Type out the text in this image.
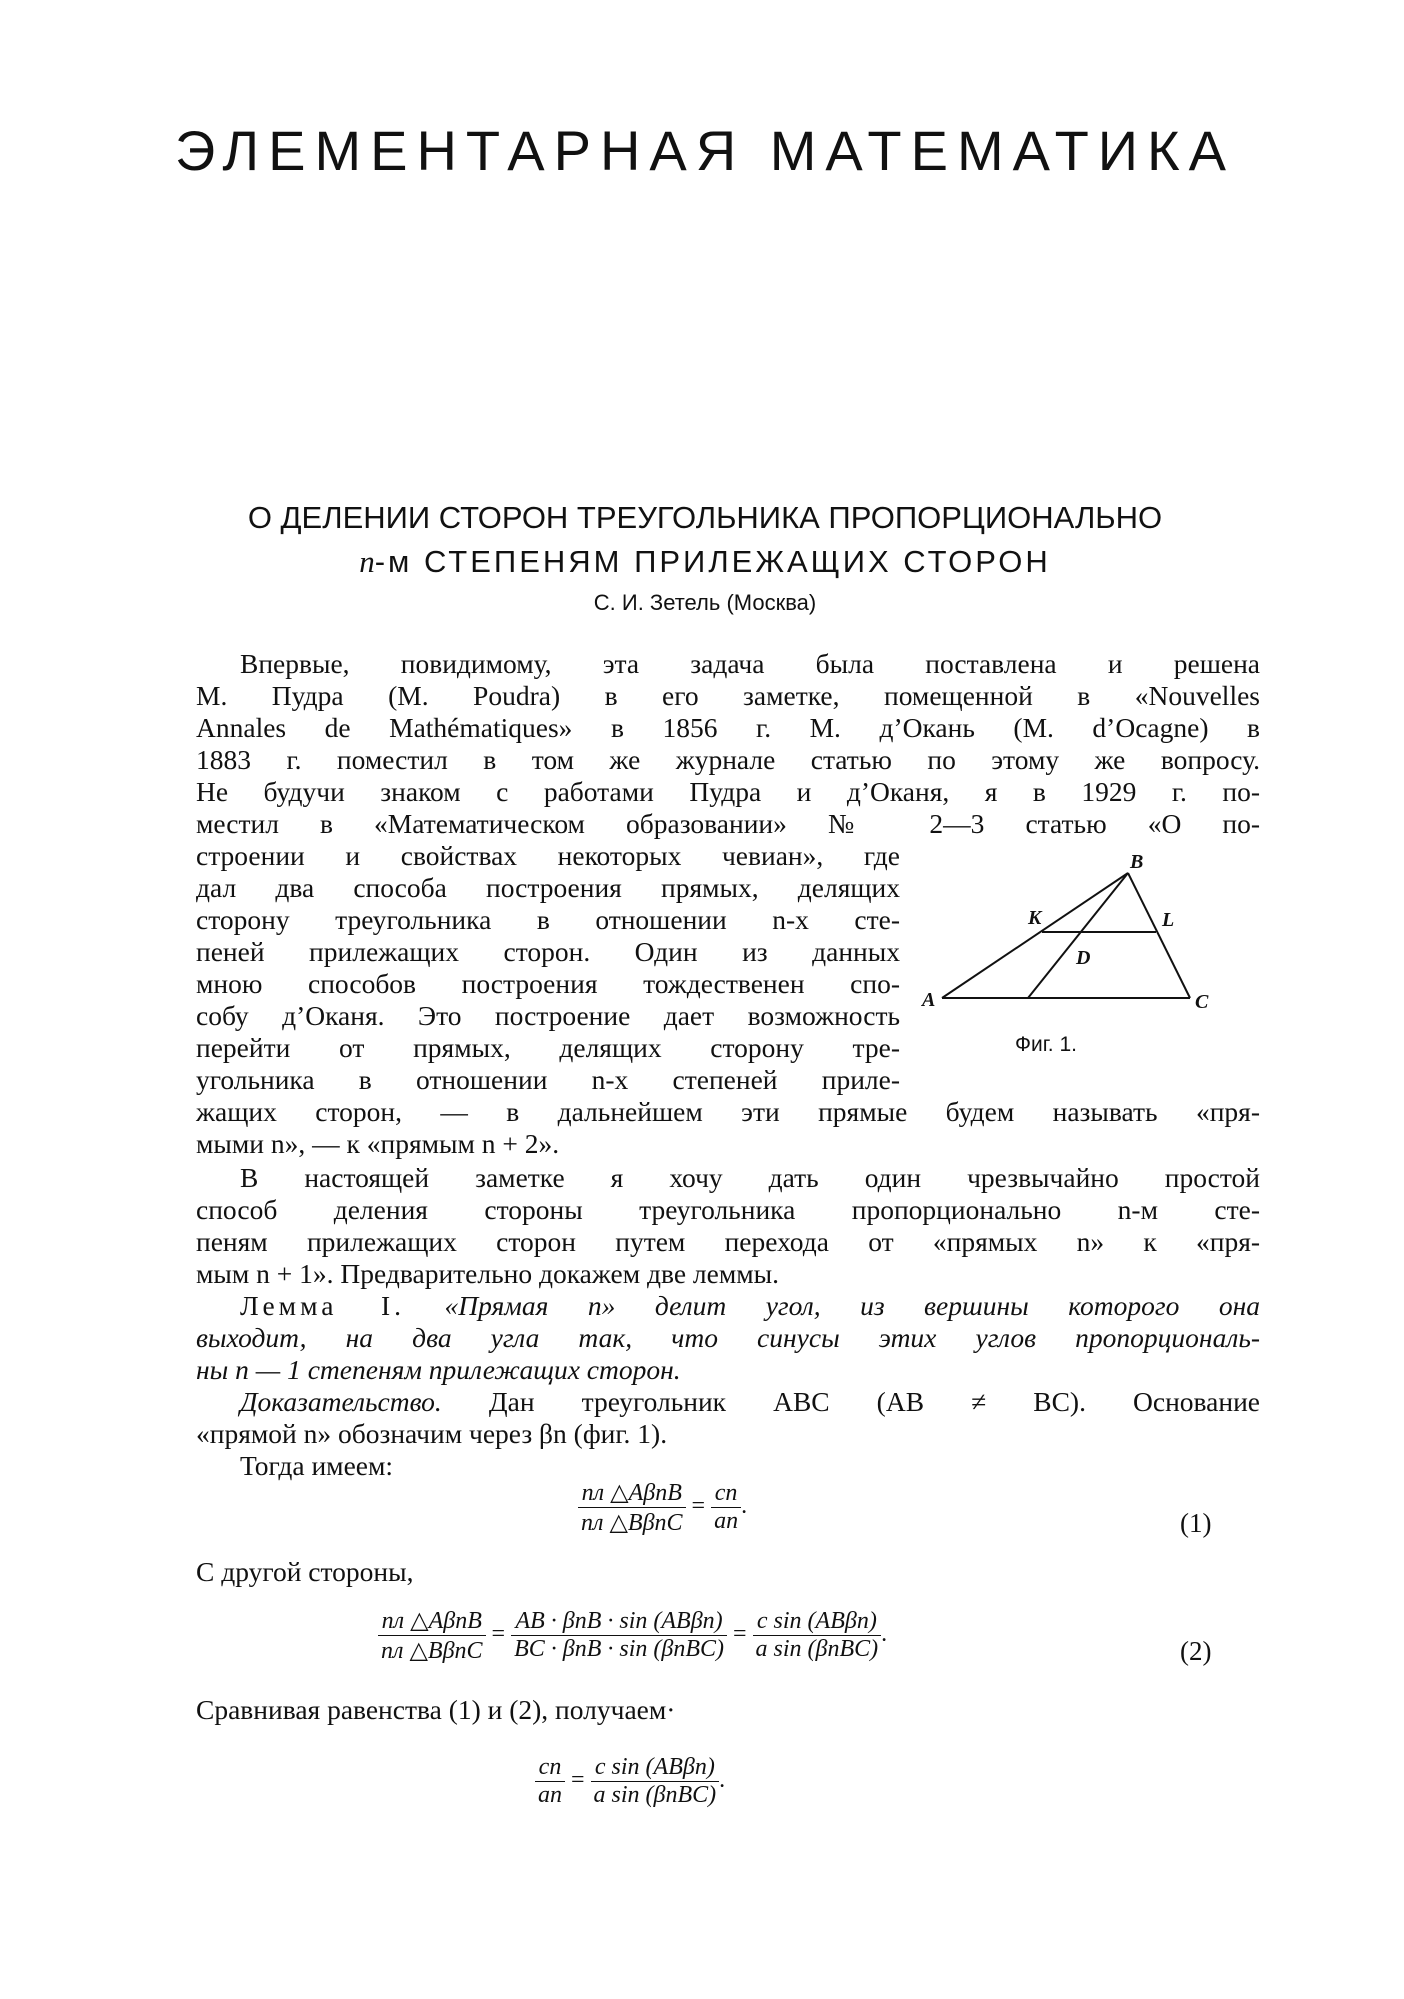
ЭЛЕМЕНТАРНАЯ МАТЕМАТИКА
О ДЕЛЕНИИ СТОРОН ТРЕУГОЛЬНИКА ПРОПОРЦИОНАЛЬНО
n-м СТЕПЕНЯМ ПРИЛЕЖАЩИХ СТОРОН
С. И. Зетель (Москва)
Впервые, повидимому, эта задача была поставлена и решена
М. Пудра (M. Poudra) в его заметке, помещенной в «Nouvelles
Annales de Mathématiques» в 1856 г. М. д’Окань (M. d’Ocagne) в
1883 г. поместил в том же журнале статью по этому же вопросу.
Не будучи знаком с работами Пудра и д’Оканя, я в 1929 г. по-
местил в «Математическом образовании» № 2—3 статью «О по-
строении и свойствах некоторых чевиан», где
дал два способа построения прямых, делящих
сторону треугольника в отношении n-х сте-
пеней прилежащих сторон. Один из данных
мною способов построения тождественен спо-
собу д’Оканя. Это построение дает возможность
перейти от прямых, делящих сторону тре-
угольника в отношении n-х степеней приле-
жащих сторон, — в дальнейшем эти прямые будем называть «пря-
мыми n», — к «прямым n + 2».
A
B
C
K	L
D
Фиг. 1.
В настоящей заметке я хочу дать один чрезвычайно простой
способ деления стороны треугольника пропорционально n-м сте-
пеням прилежащих сторон путем перехода от «прямых n» к «пря-
мым n + 1». Предварительно докажем две леммы.
Лемма I. «Прямая n» делит угол, из вершины которого она
выходит, на два угла так, что синусы этих углов пропорциональ-
ны n — 1 степеням прилежащих сторон.
Доказательство. Дан треугольник ABC (AB ≠ BC). Основание
«прямой n» обозначим через βn (фиг. 1).
Тогда имеем:
$\frac{\text{пл △AβnB}}{\text{пл △BβnC}} = \frac{cn}{an}$ .
(1)
С другой стороны,
$\frac{\text{пл △AβnB}}{\text{пл △BβnC}} = \frac{\text{AB · βnB · sin (ABβn)}}{\text{BC · βnB · sin (βnBC)}} = \frac{\text{c sin (ABβn)}}{\text{a sin (βnBC)}}$ .
(2)
Сравнивая равенства (1) и (2), получаем·
$\frac{cn}{an} = \frac{\text{c sin (ABβn)}}{\text{a sin (βnBC)}}$ .
